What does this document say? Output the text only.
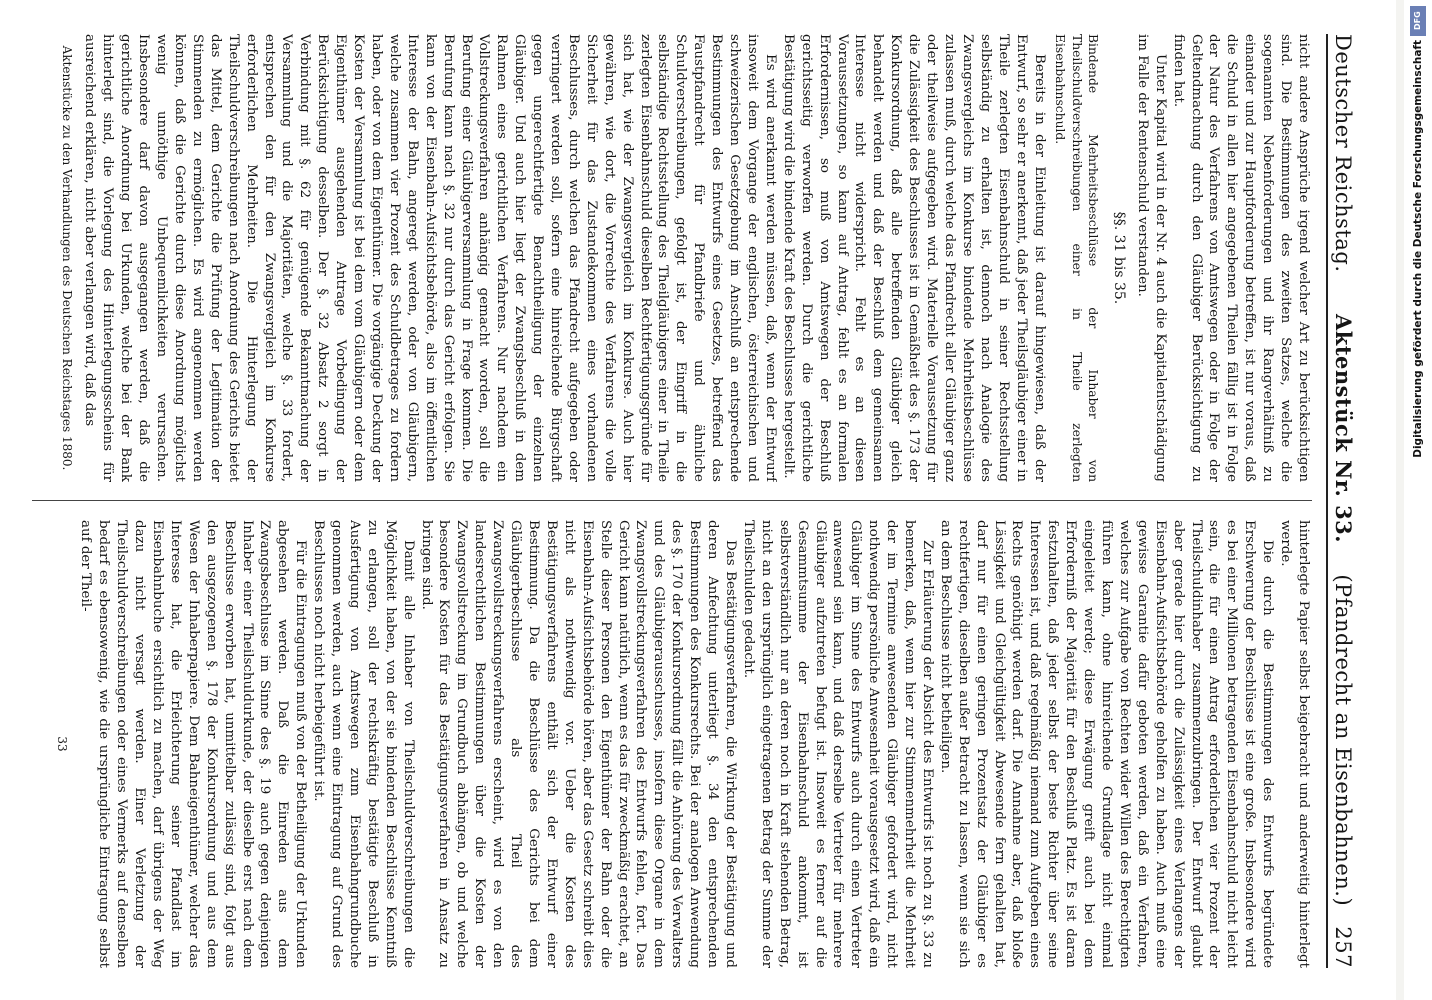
Deutscher Reichstag.
Aktenstück Nr. 33.    (Pfandrecht an Eisenbahnen.)
257

nicht andere Ansprüche irgend welcher Art zu berücksichtigen sind. Die Bestimmungen des zweiten Satzes, welche die sogenannten Nebenforderungen und ihr Rangverhältniß zu einander und zur Hauptforderung betreffen, ist nur voraus, daß die Schuld in allen hier angegebenen Theilen fällig ist in Folge der Natur des Verfahrens von Amtswegen oder in Folge der Geltendmachung durch den Gläubiger Berücksichtigung zu finden hat.

Unter Kapital wird in der Nr. 4 auch die Kapitalentschädigung im Falle der Rentenschuld verstanden.

§§. 31 bis 35.

Bindende Mehrheitsbeschlüsse der Inhaber von Theilschuldverschreibungen einer in Theile zerlegten Eisenbahnschuld.

Bereits in der Einleitung ist darauf hingewiesen, daß der Entwurf, so sehr er anerkennt, daß jeder Theilsgläubiger einer in Theile zerlegten Eisenbahnschuld in seiner Rechtsstellung selbständig zu erhalten ist, dennoch nach Analogie des Zwangsvergleichs im Konkurse bindende Mehrheitsbeschlüsse zulassen muß, durch welche das Pfandrecht aller Gläubiger ganz oder theilweise aufgegeben wird. Materielle Voraussetzung für die Zulässigkeit des Beschlusses ist in Gemäßheit des §. 173 der Konkursordnung, daß alle betreffenden Gläubiger gleich behandelt werden und daß der Beschluß dem gemeinsamen Interesse nicht widerspricht. Fehlt es an diesen Voraussetzungen, so kann auf Antrag, fehlt es an formalen Erfordernissen, so muß von Amtswegen der Beschluß gerichtsseitig verworfen werden. Durch die gerichtliche Bestätigung wird die bindende Kraft des Beschlusses hergestellt.

Es wird anerkannt werden müssen, daß, wenn der Entwurf insoweit dem Vorgange der englischen, österreichischen und schweizerischen Gesetzgebung im Anschluß an entsprechende Bestimmungen des Entwurfs eines Gesetzes, betreffend das Faustpfandrecht für Pfandbriefe und ähnliche Schuldverschreibungen, gefolgt ist, der Eingriff in die selbständige Rechtsstellung des Theilgläubigers einer in Theile zerlegten Eisenbahnschuld dieselben Rechtfertigungsgründe für sich hat, wie der Zwangsvergleich im Konkurse. Auch hier gewähren, wie dort, die Vorrechte des Verfahrens die volle Sicherheit für das Zustandekommen eines vorhandenen Beschlusses, durch welchen das Pfandrecht aufgegeben oder verringert werden soll, sofern eine hinreichende Bürgschaft gegen ungerechtfertigte Benachtheiligung der einzelnen Gläubiger. Und auch hier liegt der Zwangsbeschluß in dem Rahmen eines gerichtlichen Verfahrens. Nur nachdem ein Vollstreckungsverfahren anhängig gemacht worden, soll die Berufung einer Gläubigerversammlung in Frage kommen. Die Berufung kann nach §. 32 nur durch das Gericht erfolgen. Sie kann von der Eisenbahn-Aufsichtsbehörde, also im öffentlichen Interesse der Bahn, angeregt werden, oder von Gläubigern, welche zusammen vier Prozent des Schuldbetrages zu fordern haben, oder von dem Eigenthümer. Die vorgängige Deckung der Kosten der Versammlung ist bei dem vom Gläubigern oder dem Eigenthümer ausgehenden Antrage Vorbedingung der Berücksichtigung desselben. Der §. 32 Absatz 2 sorgt in Verbindung mit §. 62 für genügende Bekanntmachung der Versammlung und die Majoritäten, welche §. 33 fordert, entsprechen den für den Zwangsvergleich im Konkurse erforderlichen Mehrheiten. Die Hinterlegung der Theilschuldverschreibungen nach Anordnung des Gerichts bietet das Mittel, dem Gerichte die Prüfung der Legitimation der Stimmenden zu ermöglichen. Es wird angenommen werden können, daß die Gerichte durch diese Anordnung möglichst wenig unnöthige Unbequemlichkeiten verursachen. Insbesondere darf davon ausgegangen werden, daß die gerichtliche Anordnung bei Urkunden, welche bei der Bank hinterlegt sind, die Vorlegung des Hinterlegungsscheins für ausreichend erklären, nicht aber verlangen wird, daß das

Aktenstücke zu den Verhandlungen des Deutschen Reichstages 1880.

hinterlegte Papier selbst beigebracht und anderweitig hinterlegt werde.

Die durch die Bestimmungen des Entwurfs begründete Erschwerung der Beschlüsse ist eine große. Insbesondere wird es bei einer Millionen betragenden Eisenbahnschuld nicht leicht sein, die für einen Antrag erforderlichen vier Prozent der Theilschuldinhaber zusammenzubringen. Der Entwurf glaubt aber gerade hier durch die Zulässigkeit eines Verlangens der Eisenbahn-Aufsichtsbehörde geholfen zu haben. Auch muß eine gewisse Garantie dafür geboten werden, daß ein Verfahren, welches zur Aufgabe von Rechten wider Willen des Berechtigten führen kann, ohne hinreichende Grundlage nicht einmal eingeleitet werde; diese Erwägung greift auch bei dem Erforderniß der Majorität für den Beschluß Platz. Es ist daran festzuhalten, daß jeder selbst der beste Richter über seine Interessen ist, und daß regelmäßig niemand zum Aufgeben eines Rechts genöthigt werden darf. Die Annahme aber, daß bloße Lässigkeit und Gleichgültigkeit Abwesende fern gehalten hat, darf nur für einen geringen Prozentsatz der Gläubiger es rechtfertigen, dieselben außer Betracht zu lassen, wenn sie sich an dem Beschlusse nicht betheiligen.

Zur Erläuterung der Absicht des Entwurfs ist noch zu §. 33 zu bemerken, daß, wenn hier zur Stimmenmehrheit die Mehrheit der im Termine anwesenden Gläubiger gefordert wird, nicht nothwendig persönliche Anwesenheit vorausgesetzt wird, daß ein Gläubiger im Sinne des Entwurfs auch durch einen Vertreter anwesend sein kann, und daß derselbe Vertreter für mehrere Gläubiger aufzutreten befugt ist. Insoweit es ferner auf die Gesammtsumme der Eisenbahnschuld ankommt, ist selbstverständlich nur an deren noch in Kraft stehenden Betrag, nicht an den ursprünglich eingetragenen Betrag der Summe der Theilschulden gedacht.

Das Bestätigungsverfahren, die Wirkung der Bestätigung und deren Anfechtung unterliegt §. 34 den entsprechenden Bestimmungen des Konkursrechts. Bei der analogen Anwendung des §. 170 der Konkursordnung fällt die Anhörung des Verwalters und des Gläubigerausschusses, insofern diese Organe in dem Zwangsvollstreckungsverfahren des Entwurfs fehlen, fort. Das Gericht kann natürlich, wenn es das für zweckmäßig erachtet, an Stelle dieser Personen den Eigenthümer der Bahn oder die Eisenbahn-Aufsichtsbehörde hören, aber das Gesetz schreibt dies nicht als nothwendig vor. Ueber die Kosten des Bestätigungsverfahrens enthält sich der Entwurf einer Bestimmung. Da die Beschlüsse des Gerichts bei dem Gläubigerbeschlusse als Theil des Zwangsvollstreckungsverfahrens erscheint, wird es von den landesrechtlichen Bestimmungen über die Kosten der Zwangsvollstreckung im Grundbuch abhängen, ob und welche besondere Kosten für das Bestätigungsverfahren in Ansatz zu bringen sind.

Damit alle Inhaber von Theilschuldverschreibungen die Möglichkeit haben, von der sie bindenden Beschlüsse Kenntniß zu erlangen, soll der rechtskräftig bestätigte Beschluß in Ausfertigung von Amtswegen zum Eisenbahngrundbuche genommen werden, auch wenn eine Eintragung auf Grund des Beschlusses noch nicht herbeigeführt ist.

Für die Eintragungen muß von der Betheiligung der Urkunden abgesehen werden. Daß die Einreden aus dem Zwangsbeschlusse im Sinne des §. 19 auch gegen denjenigen Inhaber einer Theilschuldurkunde, der dieselbe erst nach dem Beschlusse erworben hat, unmittelbar zulässig sind, folgt aus den ausgezogenen §. 178 der Konkursordnung und aus dem Wesen der Inhaberpapiere. Dem Bahneigenthümer, welcher das Interesse hat, die Erleichterung seiner Pfandlast im Eisenbahnbuche ersichtlich zu machen, darf übrigens der Weg dazu nicht versagt werden. Einer Verletzung der Theilschuldverschreibungen oder eines Vermerks auf denselben bedarf es ebensowenig, wie die ursprüngliche Eintragung selbst auf der Theil-

33

DFG
Digitalisierung gefördert durch die Deutsche Forschungsgemeinschaft
